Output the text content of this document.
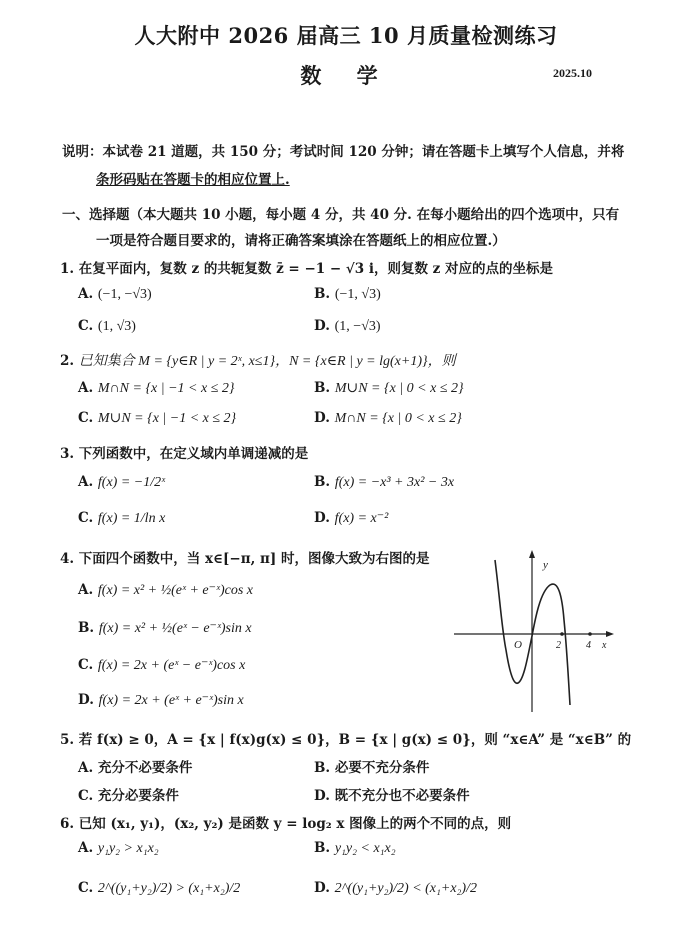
人大附中 2026 届高三 10 月质量检测练习
数 学	2025.10
说明：本试卷 21 道题，共 150 分；考试时间 120 分钟；请在答题卡上填写个人信息，并将
条形码贴在答题卡的相应位置上.
一、选择题（本大题共 10 小题，每小题 4 分，共 40 分. 在每小题给出的四个选项中，只有
一项是符合题目要求的，请将正确答案填涂在答题纸上的相应位置.）
1. 在复平面内，复数 z 的共轭复数 z̄ = −1 − √3 i，则复数 z 对应的点的坐标是
A. (−1, −√3)	B. (−1, √3)
C. (1, √3)	D. (1, −√3)
2. 已知集合 M = {y∈R | y = 2ˣ, x≤1}，N = {x∈R | y = lg(x+1)}，则
A. M∩N = {x | −1 < x ≤ 2}	B. M∪N = {x | 0 < x ≤ 2}
C. M∪N = {x | −1 < x ≤ 2}	D. M∩N = {x | 0 < x ≤ 2}
3. 下列函数中，在定义域内单调递减的是
A. f(x) = −1/2ˣ	B. f(x) = −x³ + 3x² − 3x
C. f(x) = 1/ln x	D. f(x) = x⁻²
4. 下面四个函数中，当 x∈[−π, π] 时，图像大致为右图的是
A. f(x) = x² + ½(eˣ + e⁻ˣ)cos x
B. f(x) = x² + ½(eˣ − e⁻ˣ)sin x
C. f(x) = 2x + (eˣ − e⁻ˣ)cos x
D. f(x) = 2x + (eˣ + e⁻ˣ)sin x
y
O	2	4 x
5. 若 f(x) ≥ 0，A = {x | f(x)g(x) ≤ 0}，B = {x | g(x) ≤ 0}，则 “x∈A” 是 “x∈B” 的
A. 充分不必要条件	B. 必要不充分条件
C. 充分必要条件	D. 既不充分也不必要条件
6. 已知 (x₁, y₁)，(x₂, y₂) 是函数 y = log₂ x 图像上的两个不同的点，则
A. y₁y₂ > x₁x₂	B. y₁y₂ < x₁x₂
C. 2^((y₁+y₂)/2) > (x₁+x₂)/2	D. 2^((y₁+y₂)/2) < (x₁+x₂)/2
